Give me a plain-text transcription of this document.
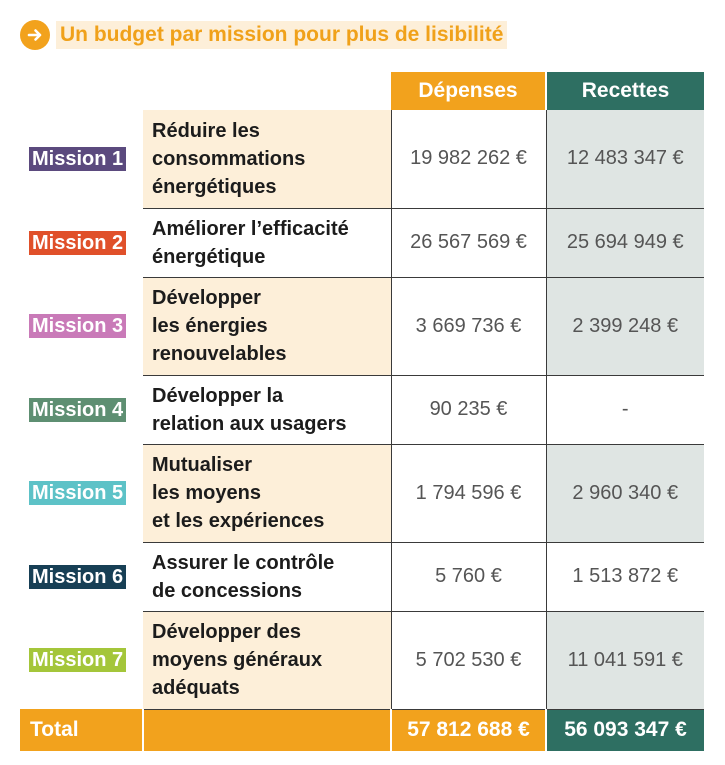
Un budget par mission pour plus de lisibilité
		Dépenses	Recettes
Mission 1	Réduire les
consommations
énergétiques	19 982 262 €	12 483 347 €
Mission 2	Améliorer l’efficacité
énergétique	26 567 569 €	25 694 949 €
Mission 3	Développer
les énergies
renouvelables	3 669 736 €	2 399 248 €
Mission 4	Développer la
relation aux usagers	90 235 €	-
Mission 5	Mutualiser
les moyens
et les expériences	1 794 596 €	2 960 340 €
Mission 6	Assurer le contrôle
de concessions	5 760 €	1 513 872 €
Mission 7	Développer des
moyens généraux
adéquats	5 702 530 €	11 041 591 €
Total		57 812 688 €	56 093 347 €
